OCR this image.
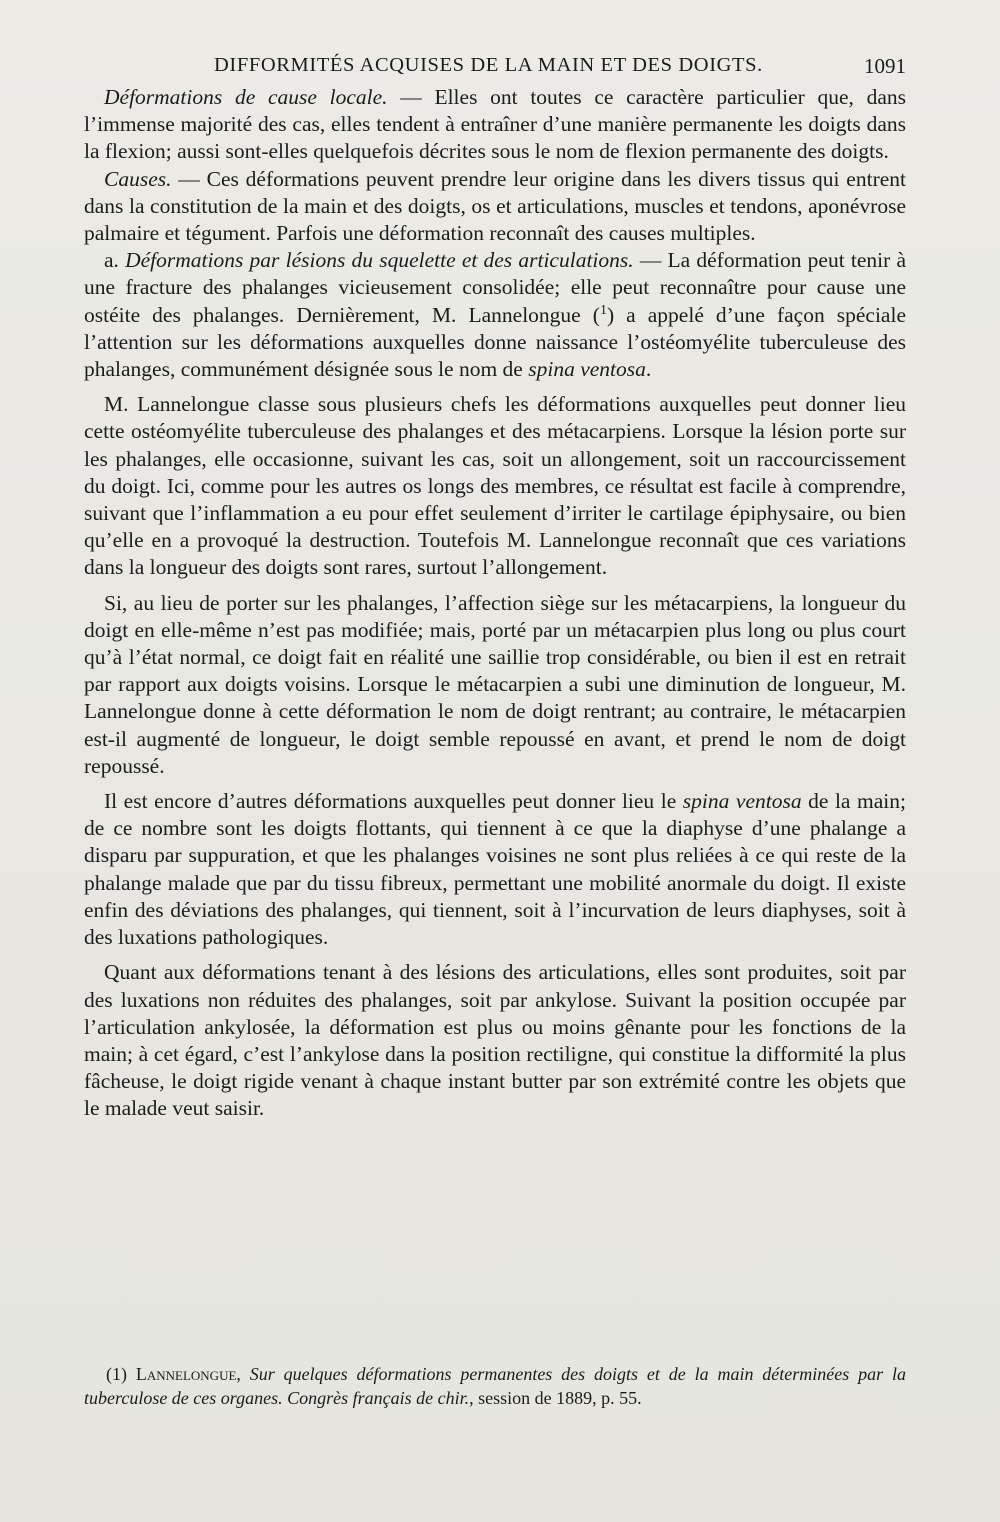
DIFFORMITÉS ACQUISES DE LA MAIN ET DES DOIGTS.	1091

Déformations de cause locale. — Elles ont toutes ce caractère particulier que, dans l’immense majorité des cas, elles tendent à entraîner d’une manière permanente les doigts dans la flexion; aussi sont-elles quelquefois décrites sous le nom de flexion permanente des doigts.

Causes. — Ces déformations peuvent prendre leur origine dans les divers tissus qui entrent dans la constitution de la main et des doigts, os et articulations, muscles et tendons, aponévrose palmaire et tégument. Parfois une déformation reconnaît des causes multiples.

a. Déformations par lésions du squelette et des articulations. — La déformation peut tenir à une fracture des phalanges vicieusement consolidée; elle peut reconnaître pour cause une ostéite des phalanges. Dernièrement, M. Lannelongue ($^1$) a appelé d’une façon spéciale l’attention sur les déformations auxquelles donne naissance l’ostéomyélite tuberculeuse des phalanges, communément désignée sous le nom de spina ventosa.

M. Lannelongue classe sous plusieurs chefs les déformations auxquelles peut donner lieu cette ostéomyélite tuberculeuse des phalanges et des métacarpiens. Lorsque la lésion porte sur les phalanges, elle occasionne, suivant les cas, soit un allongement, soit un raccourcissement du doigt. Ici, comme pour les autres os longs des membres, ce résultat est facile à comprendre, suivant que l’inflammation a eu pour effet seulement d’irriter le cartilage épiphysaire, ou bien qu’elle en a provoqué la destruction. Toutefois M. Lannelongue reconnaît que ces variations dans la longueur des doigts sont rares, surtout l’allongement.

Si, au lieu de porter sur les phalanges, l’affection siège sur les métacarpiens, la longueur du doigt en elle-même n’est pas modifiée; mais, porté par un métacarpien plus long ou plus court qu’à l’état normal, ce doigt fait en réalité une saillie trop considérable, ou bien il est en retrait par rapport aux doigts voisins. Lorsque le métacarpien a subi une diminution de longueur, M. Lannelongue donne à cette déformation le nom de doigt rentrant; au contraire, le métacarpien est-il augmenté de longueur, le doigt semble repoussé en avant, et prend le nom de doigt repoussé.

Il est encore d’autres déformations auxquelles peut donner lieu le spina ventosa de la main; de ce nombre sont les doigts flottants, qui tiennent à ce que la diaphyse d’une phalange a disparu par suppuration, et que les phalanges voisines ne sont plus reliées à ce qui reste de la phalange malade que par du tissu fibreux, permettant une mobilité anormale du doigt. Il existe enfin des déviations des phalanges, qui tiennent, soit à l’incurvation de leurs diaphyses, soit à des luxations pathologiques.

Quant aux déformations tenant à des lésions des articulations, elles sont produites, soit par des luxations non réduites des phalanges, soit par ankylose. Suivant la position occupée par l’articulation ankylosée, la déformation est plus ou moins gênante pour les fonctions de la main; à cet égard, c’est l’ankylose dans la position rectiligne, qui constitue la difformité la plus fâcheuse, le doigt rigide venant à chaque instant butter par son extrémité contre les objets que le malade veut saisir.

(1) Lannelongue, Sur quelques déformations permanentes des doigts et de la main déterminées par la tuberculose de ces organes. Congrès français de chir., session de 1889, p. 55.
